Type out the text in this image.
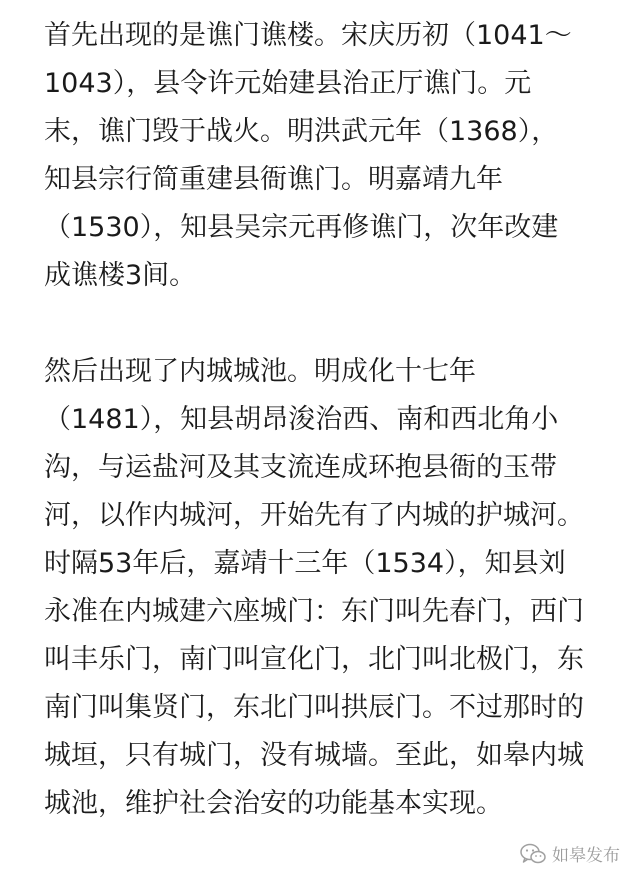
首先出现的是谯门谯楼。宋庆历初（1041～
1043），县令许元始建县治正厅谯门。元
末，谯门毁于战火。明洪武元年（1368），
知县宗行简重建县衙谯门。明嘉靖九年
（1530），知县吴宗元再修谯门，次年改建
成谯楼3间。
然后出现了内城城池。明成化十七年
（1481），知县胡昂浚治西、南和西北角小
沟，与运盐河及其支流连成环抱县衙的玉带
河，以作内城河，开始先有了内城的护城河。
时隔53年后，嘉靖十三年（1534），知县刘
永准在内城建六座城门：东门叫先春门，西门
叫丰乐门，南门叫宣化门，北门叫北极门，东
南门叫集贤门，东北门叫拱辰门。不过那时的
城垣，只有城门，没有城墙。至此，如皋内城
城池，维护社会治安的功能基本实现。
如皋发布
